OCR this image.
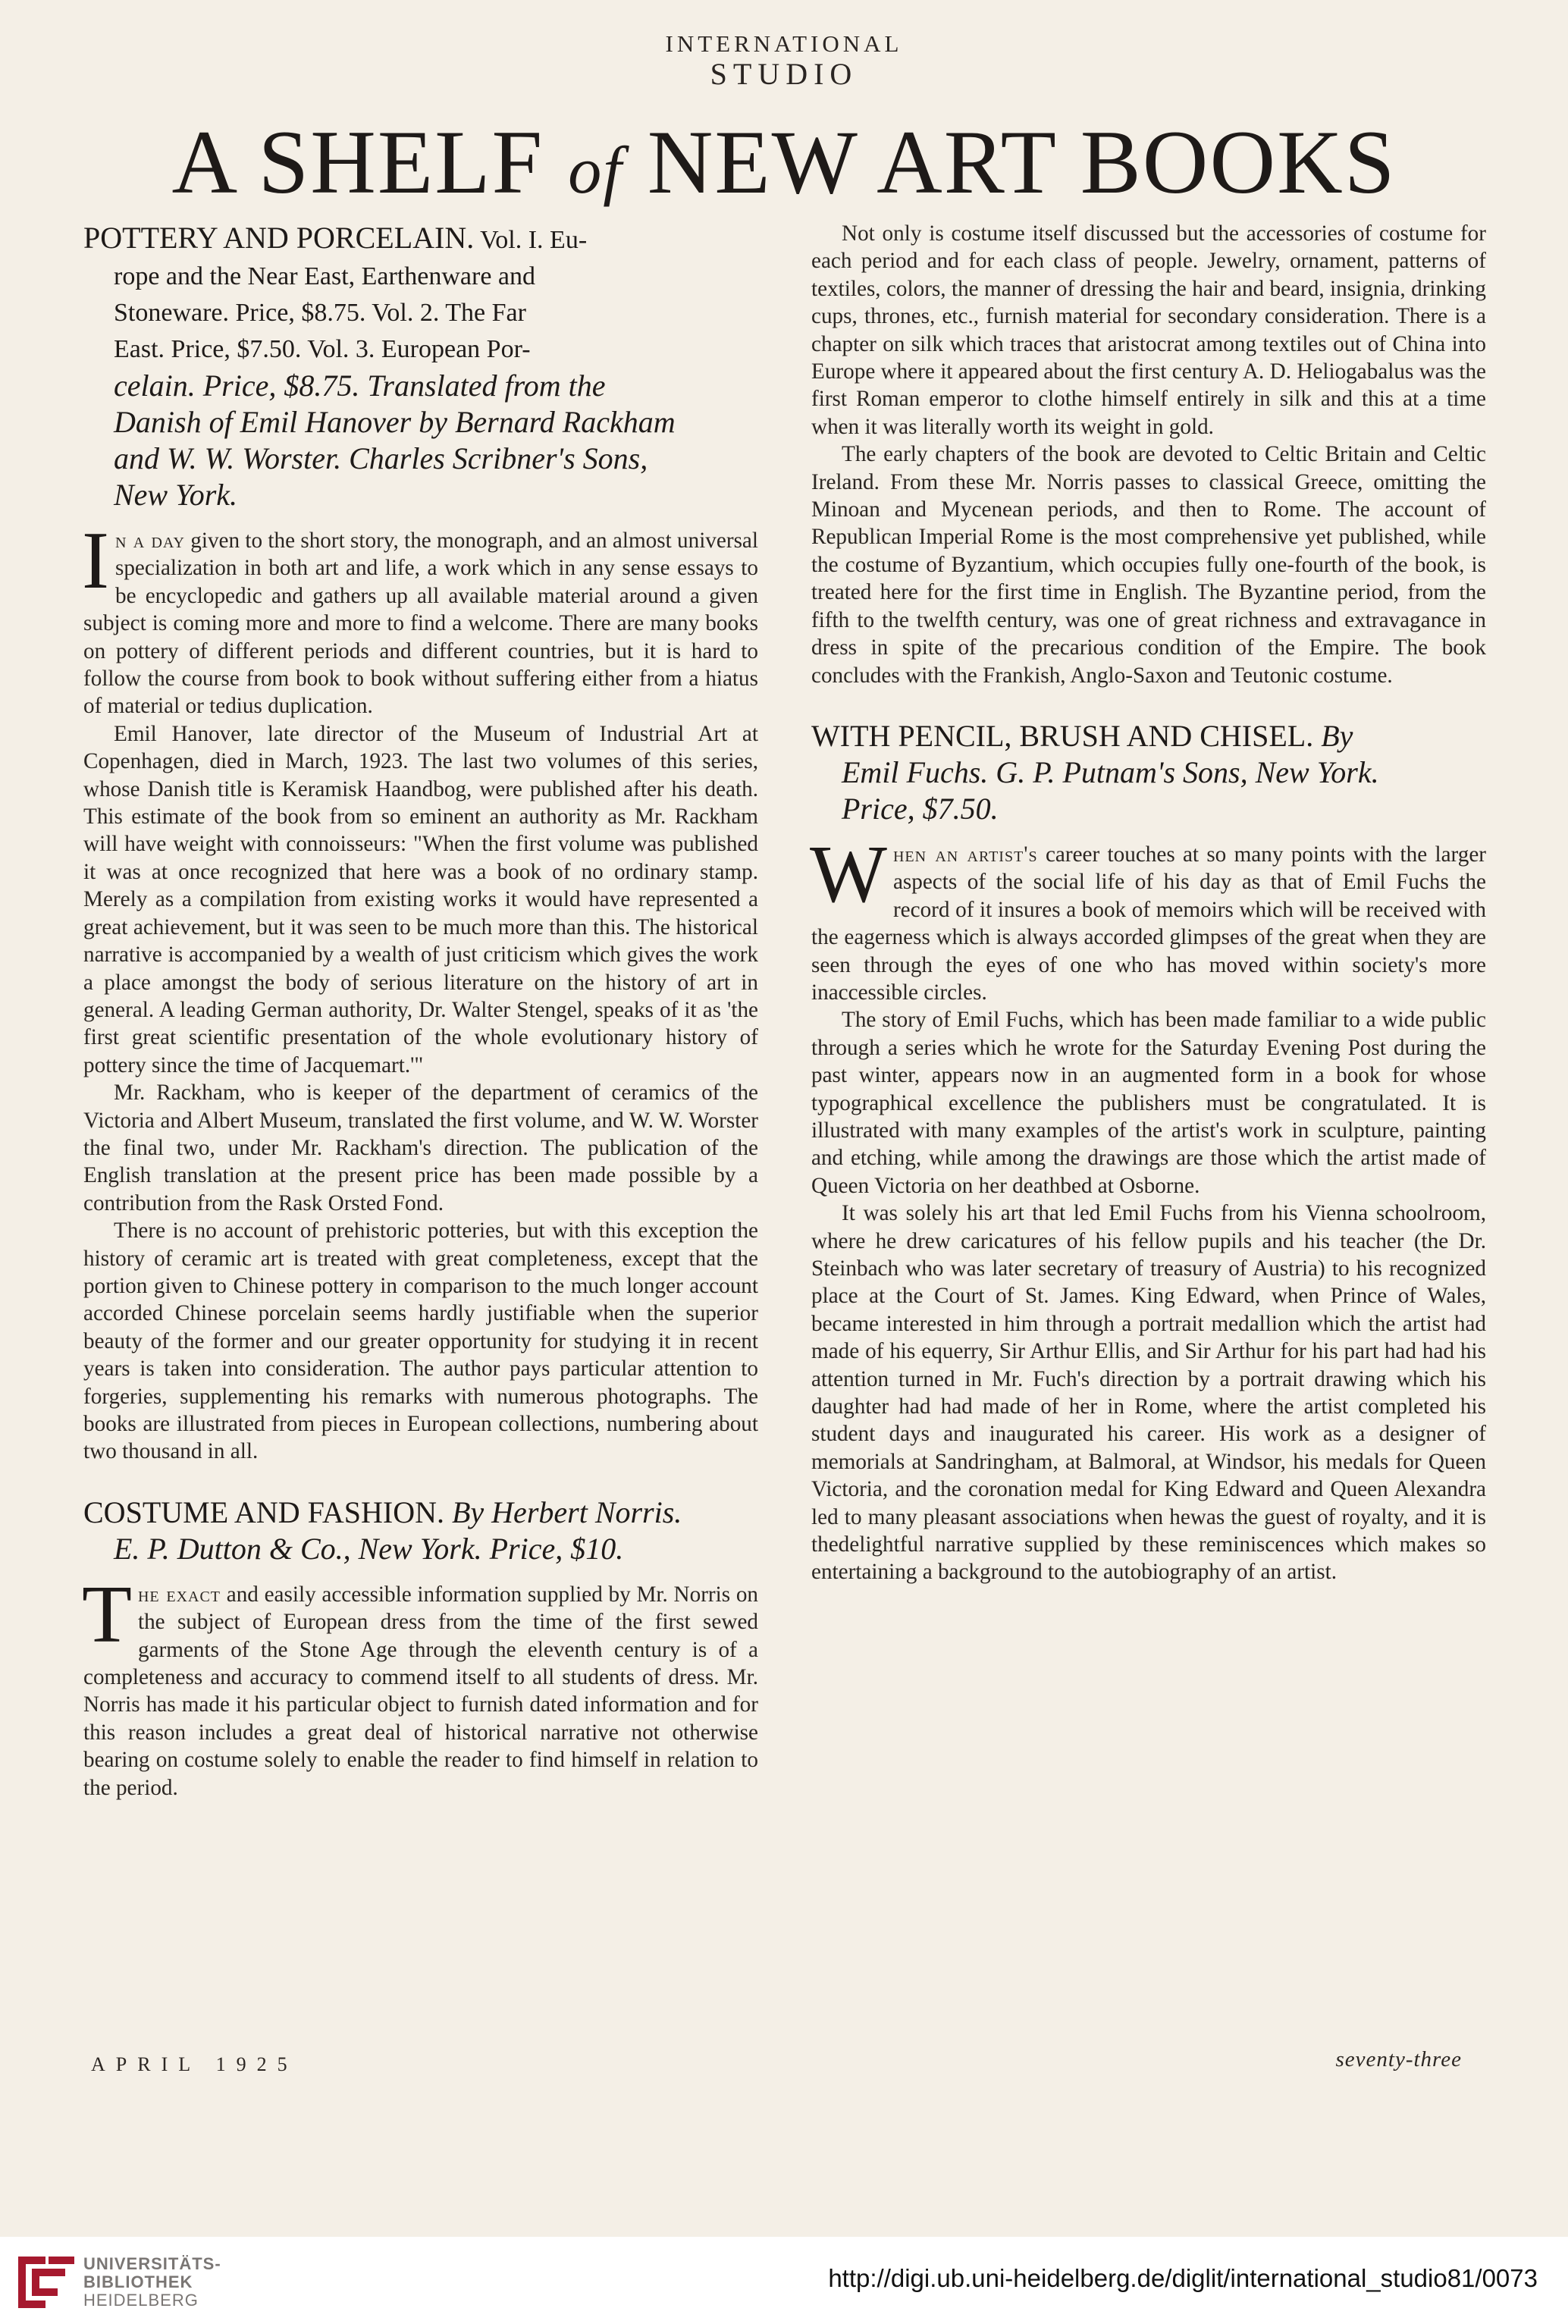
INTERNATIONAL
STUDIO
A SHELF of NEW ART BOOKS
POTTERY AND PORCELAIN. Vol. I. Eu-
rope and the Near East, Earthenware and
Stoneware. Price, $8.75. Vol. 2. The Far
East. Price, $7.50. Vol. 3. European Por-
celain. Price, $8.75. Translated from the
Danish of Emil Hanover by Bernard Rackham
and W. W. Worster. Charles Scribner's Sons,
New York.

In a day given to the short story, the monograph, and an almost universal specialization in both art and life, a work which in any sense essays to be encyclopedic and gathers up all available material around a given subject is coming more and more to find a welcome. There are many books on pottery of different periods and different countries, but it is hard to follow the course from book to book without suffering either from a hiatus of material or tedius duplication.

Emil Hanover, late director of the Museum of Industrial Art at Copenhagen, died in March, 1923. The last two volumes of this series, whose Danish title is Keramisk Haandbog, were published after his death. This estimate of the book from so eminent an authority as Mr. Rackham will have weight with connoisseurs: "When the first volume was published it was at once recognized that here was a book of no ordinary stamp. Merely as a compilation from existing works it would have represented a great achievement, but it was seen to be much more than this. The historical narrative is accompanied by a wealth of just criticism which gives the work a place amongst the body of serious literature on the history of art in general. A leading German authority, Dr. Walter Stengel, speaks of it as 'the first great scientific presentation of the whole evolutionary history of pottery since the time of Jacquemart.'"

Mr. Rackham, who is keeper of the department of ceramics of the Victoria and Albert Museum, translated the first volume, and W. W. Worster the final two, under Mr. Rackham's direction. The publication of the English translation at the present price has been made possible by a contribution from the Rask Orsted Fond.

There is no account of prehistoric potteries, but with this exception the history of ceramic art is treated with great completeness, except that the portion given to Chinese pottery in comparison to the much longer account accorded Chinese porcelain seems hardly justifiable when the superior beauty of the former and our greater opportunity for studying it in recent years is taken into consideration. The author pays particular attention to forgeries, supplementing his remarks with numerous photographs. The books are illustrated from pieces in European collections, numbering about two thousand in all.

COSTUME AND FASHION. By Herbert Norris.
E. P. Dutton & Co., New York. Price, $10.

The exact and easily accessible information supplied by Mr. Norris on the subject of European dress from the time of the first sewed garments of the Stone Age through the eleventh century is of a completeness and accuracy to commend itself to all students of dress. Mr. Norris has made it his particular object to furnish dated information and for this reason includes a great deal of historical narrative not otherwise bearing on costume solely to enable the reader to find himself in relation to the period.

Not only is costume itself discussed but the accessories of costume for each period and for each class of people. Jewelry, ornament, patterns of textiles, colors, the manner of dressing the hair and beard, insignia, drinking cups, thrones, etc., furnish material for secondary consideration. There is a chapter on silk which traces that aristocrat among textiles out of China into Europe where it appeared about the first century A. D. Heliogabalus was the first Roman emperor to clothe himself entirely in silk and this at a time when it was literally worth its weight in gold.

The early chapters of the book are devoted to Celtic Britain and Celtic Ireland. From these Mr. Norris passes to classical Greece, omitting the Minoan and Mycenean periods, and then to Rome. The account of Republican Imperial Rome is the most comprehensive yet published, while the costume of Byzantium, which occupies fully one-fourth of the book, is treated here for the first time in English. The Byzantine period, from the fifth to the twelfth century, was one of great richness and extravagance in dress in spite of the precarious condition of the Empire. The book concludes with the Frankish, Anglo-Saxon and Teutonic costume.

WITH PENCIL, BRUSH AND CHISEL. By
Emil Fuchs. G. P. Putnam's Sons, New York.
Price, $7.50.

When an artist's career touches at so many points with the larger aspects of the social life of his day as that of Emil Fuchs the record of it insures a book of memoirs which will be received with the eagerness which is always accorded glimpses of the great when they are seen through the eyes of one who has moved within society's more inaccessible circles.

The story of Emil Fuchs, which has been made familiar to a wide public through a series which he wrote for the Saturday Evening Post during the past winter, appears now in an augmented form in a book for whose typographical excellence the publishers must be congratulated. It is illustrated with many examples of the artist's work in sculpture, painting and etching, while among the drawings are those which the artist made of Queen Victoria on her deathbed at Osborne.

It was solely his art that led Emil Fuchs from his Vienna schoolroom, where he drew caricatures of his fellow pupils and his teacher (the Dr. Steinbach who was later secretary of treasury of Austria) to his recognized place at the Court of St. James. King Edward, when Prince of Wales, became interested in him through a portrait medallion which the artist had made of his equerry, Sir Arthur Ellis, and Sir Arthur for his part had had his attention turned in Mr. Fuch's direction by a portrait drawing which his daughter had had made of her in Rome, where the artist completed his student days and inaugurated his career. His work as a designer of memorials at Sandringham, at Balmoral, at Windsor, his medals for Queen Victoria, and the coronation medal for King Edward and Queen Alexandra led to many pleasant associations when hewas the guest of royalty, and it is thedelightful narrative supplied by these reminiscences which makes so entertaining a background to the autobiography of an artist.

APRIL 1925	seventy-three
UNIVERSITÄTS-
BIBLIOTHEK
HEIDELBERG
http://digi.ub.uni-heidelberg.de/diglit/international_studio81/0073
